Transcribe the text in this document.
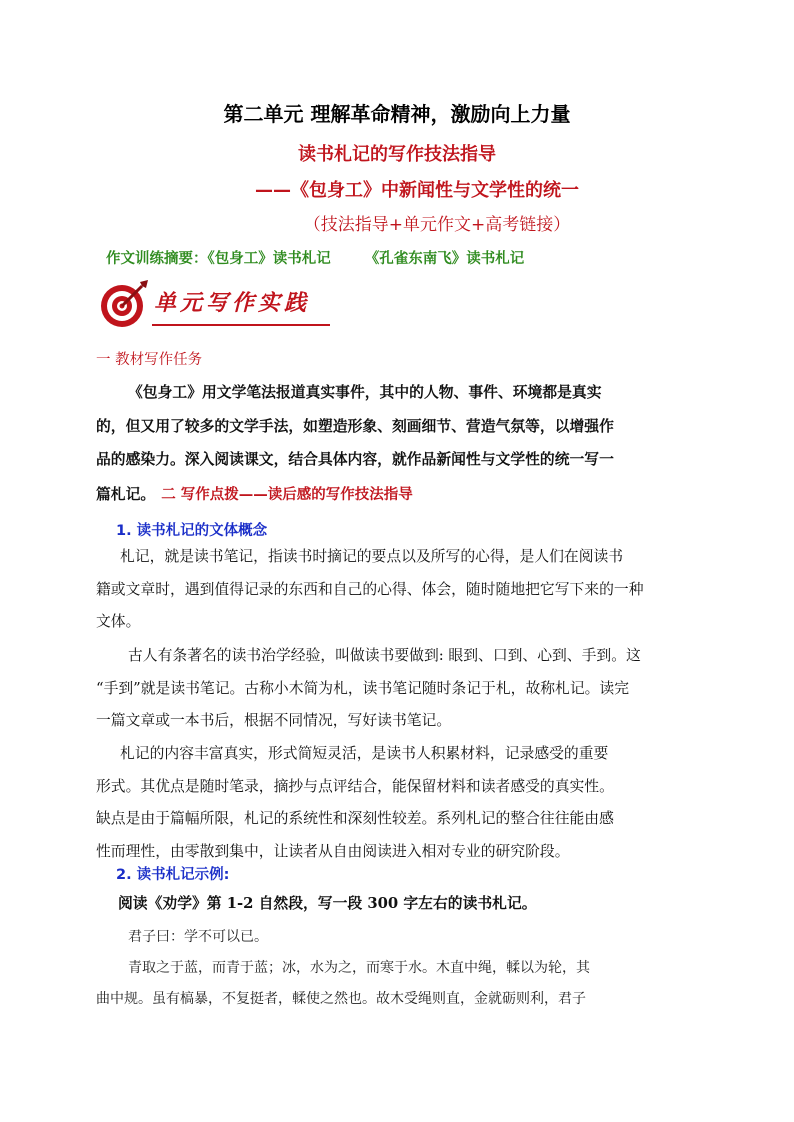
第二单元 理解革命精神，激励向上力量
读书札记的写作技法指导
——《包身工》中新闻性与文学性的统一
（技法指导+单元作文+高考链接）
作文训练摘要：《包身工》读书札记 《孔雀东南飞》读书札记
单元写作实践
一 教材写作任务
《包身工》用文学笔法报道真实事件，其中的人物、事件、环境都是真实
的，但又用了较多的文学手法，如塑造形象、刻画细节、营造气氛等，以增强作
品的感染力。深入阅读课文，结合具体内容，就作品新闻性与文学性的统一写一
篇札记。 二 写作点拨——读后感的写作技法指导
1. 读书札记的文体概念
札记，就是读书笔记，指读书时摘记的要点以及所写的心得，是人们在阅读书
籍或文章时，遇到值得记录的东西和自己的心得、体会，随时随地把它写下来的一种
文体。
古人有条著名的读书治学经验，叫做读书要做到: 眼到、口到、心到、手到。这
“手到”就是读书笔记。古称小木简为札，读书笔记随时条记于札，故称札记。读完
一篇文章或一本书后，根据不同情况，写好读书笔记。
札记的内容丰富真实，形式简短灵活，是读书人积累材料，记录感受的重要
形式。其优点是随时笔录，摘抄与点评结合，能保留材料和读者感受的真实性。
缺点是由于篇幅所限，札记的系统性和深刻性较差。系列札记的整合往往能由感
性而理性，由零散到集中，让读者从自由阅读进入相对专业的研究阶段。
2. 读书札记示例:
阅读《劝学》第 1-2 自然段，写一段 300 字左右的读书札记。
君子曰：学不可以已。
青取之于蓝，而青于蓝；冰，水为之，而寒于水。木直中绳，輮以为轮，其
曲中规。虽有槁暴，不复挺者，輮使之然也。故木受绳则直，金就砺则利，君子
